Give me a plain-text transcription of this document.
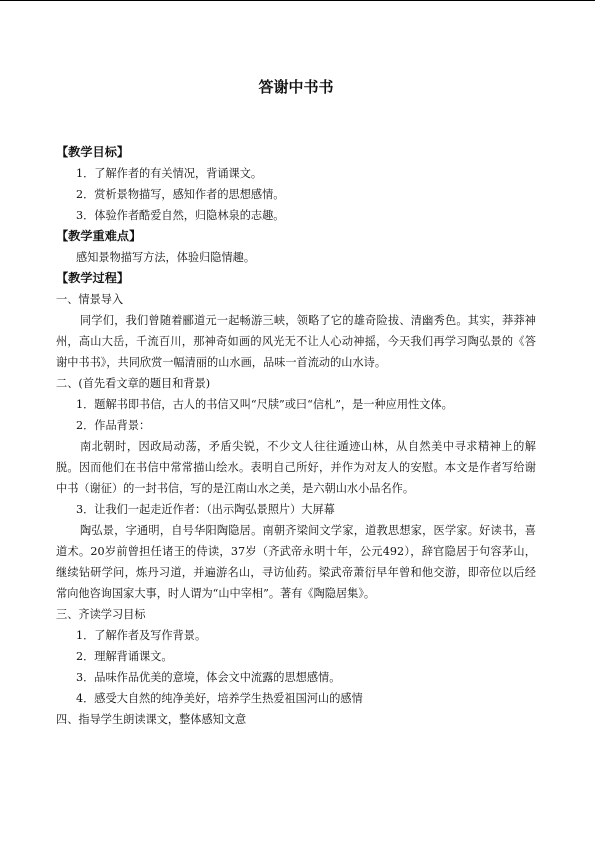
答谢中书书

【教学目标】

1．了解作者的有关情况，背诵课文。

2．赏析景物描写，感知作者的思想感情。

3．体验作者酷爱自然，归隐林泉的志趣。

【教学重难点】

感知景物描写方法，体验归隐情趣。

【教学过程】

一、情景导入

同学们，我们曾随着郦道元一起畅游三峡，领略了它的雄奇险拔、清幽秀色。其实，莽莽神州，高山大岳，千流百川，那神奇如画的风光无不让人心动神摇，今天我们再学习陶弘景的《答谢中书书》，共同欣赏一幅清丽的山水画，品味一首流动的山水诗。

二、(首先看文章的题目和背景)

1．题解书即书信，古人的书信又叫“尺牍”或曰“信札”，是一种应用性文体。

2．作品背景：

南北朝时，因政局动荡，矛盾尖锐，不少文人往往遁迹山林，从自然美中寻求精神上的解脱。因而他们在书信中常常描山绘水。表明自己所好，并作为对友人的安慰。本文是作者写给谢中书（谢征）的一封书信，写的是江南山水之美，是六朝山水小品名作。

3．让我们一起走近作者：（出示陶弘景照片）大屏幕

陶弘景，字通明，自号华阳陶隐居。南朝齐梁间文学家，道教思想家，医学家。好读书，喜道术。20岁前曾担任诸王的侍读，37岁（齐武帝永明十年，公元492），辞官隐居于句容茅山，继续钻研学问，炼丹习道，并遍游名山，寻访仙药。梁武帝萧衍早年曾和他交游，即帝位以后经常向他咨询国家大事，时人谓为“山中宰相”。著有《陶隐居集》。

三、齐读学习目标

1．了解作者及写作背景。

2．理解背诵课文。

3．品味作品优美的意境，体会文中流露的思想感情。

4．感受大自然的纯净美好，培养学生热爱祖国河山的感情

四、指导学生朗读课文，整体感知文意
